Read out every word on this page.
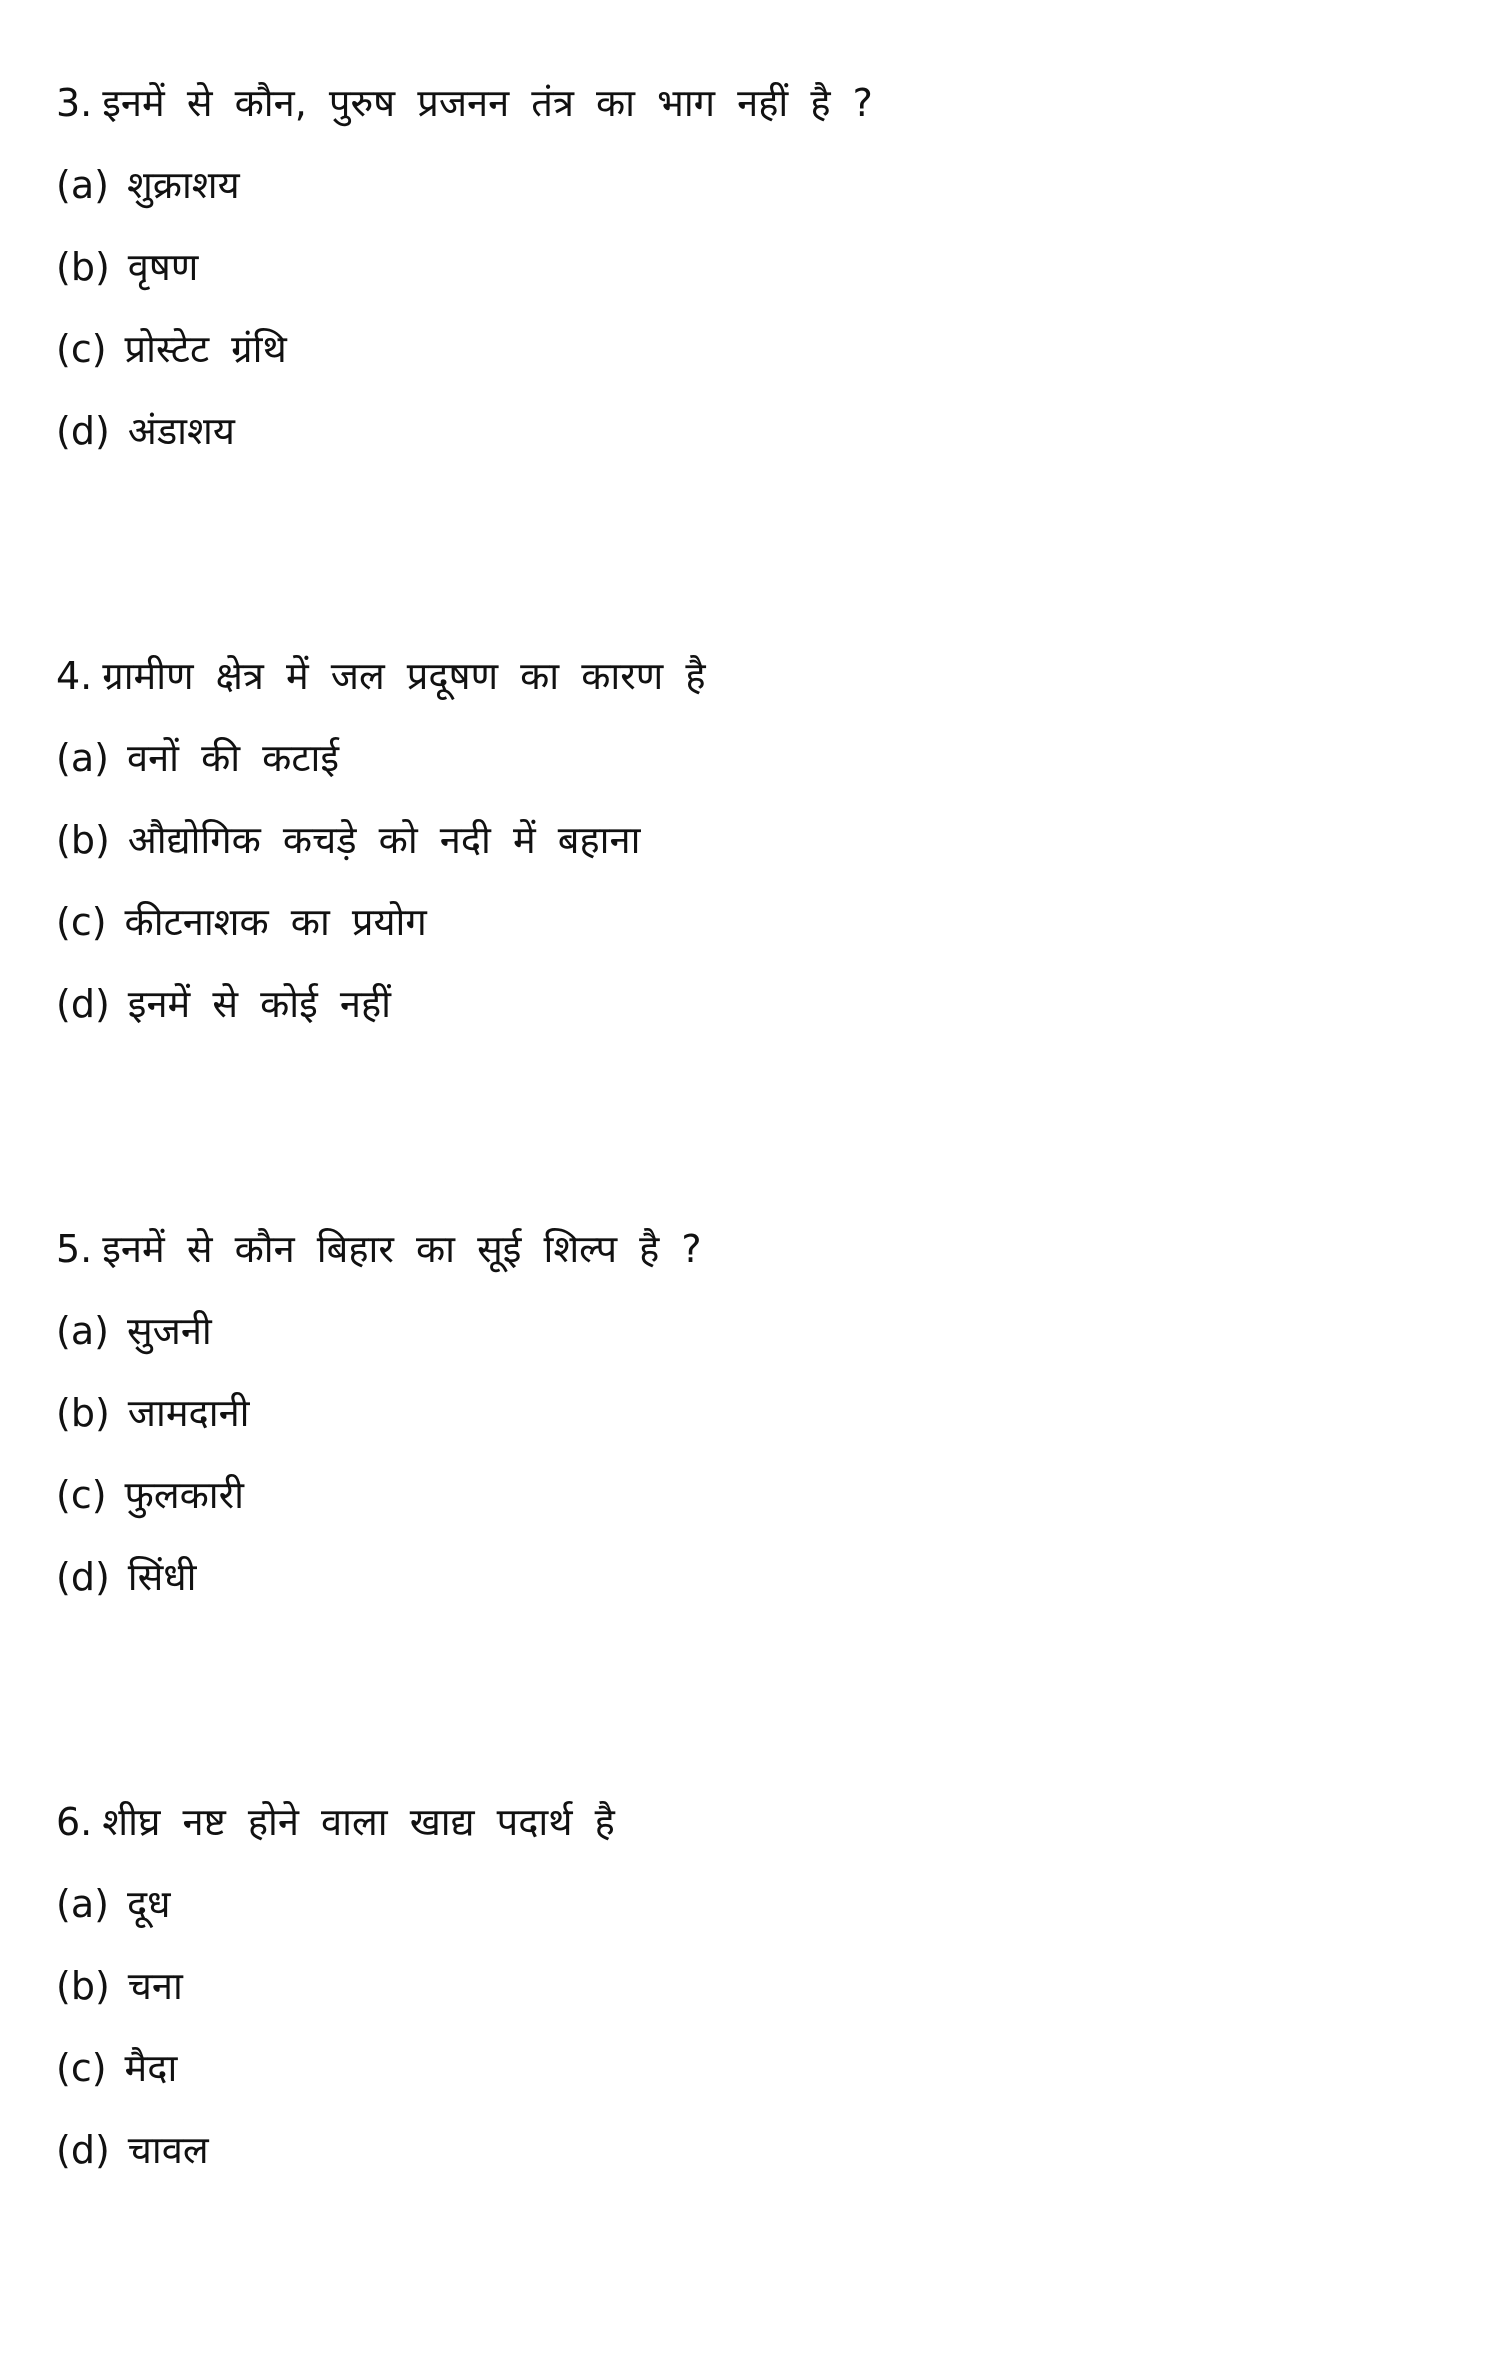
3. इनमें से कौन, पुरुष प्रजनन तंत्र का भाग नहीं है ?
(a) शुक्राशय
(b) वृषण
(c) प्रोस्टेट ग्रंथि
(d) अंडाशय
4. ग्रामीण क्षेत्र में जल प्रदूषण का कारण है
(a) वनों की कटाई
(b) औद्योगिक कचड़े को नदी में बहाना
(c) कीटनाशक का प्रयोग
(d) इनमें से कोई नहीं
5. इनमें से कौन बिहार का सूई शिल्प है ?
(a) सुजनी
(b) जामदानी
(c) फुलकारी
(d) सिंधी
6. शीघ्र नष्ट होने वाला खाद्य पदार्थ है
(a) दूध
(b) चना
(c) मैदा
(d) चावल
